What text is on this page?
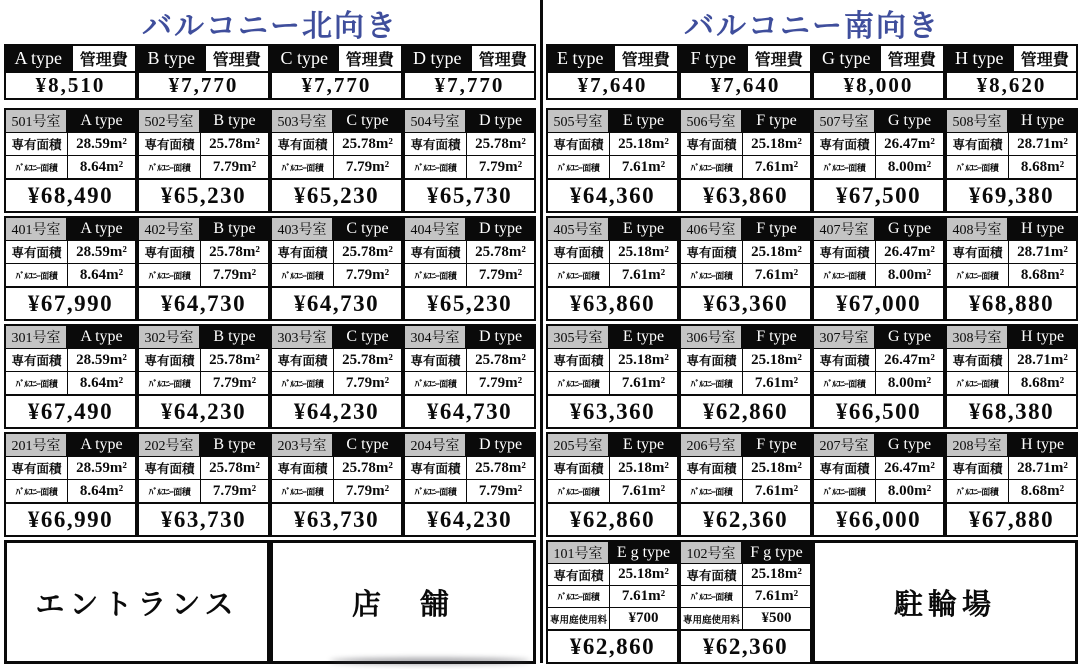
バルコニー北向き	バルコニー南向き
A type	管理費
¥8,510
B type	管理費
¥7,770
C type	管理費
¥7,770
D type	管理費
¥7,770
E type	管理費
¥7,640
F type	管理費
¥7,640
G type	管理費
¥8,000
H type	管理費
¥8,620
501号室	A type
専有面積 28.59m²
ﾊﾞﾙｺﾆｰ面積	8.64m²
¥68,490
502号室	B type
専有面積 25.78m²
ﾊﾞﾙｺﾆｰ面積	7.79m²
¥65,230
503号室	C type
専有面積 25.78m²
ﾊﾞﾙｺﾆｰ面積	7.79m²
¥65,230
504号室	D type
専有面積 25.78m²
ﾊﾞﾙｺﾆｰ面積	7.79m²
¥65,730
505号室	E type
専有面積 25.18m²
ﾊﾞﾙｺﾆｰ面積	7.61m²
¥64,360
506号室	F type
専有面積 25.18m²
ﾊﾞﾙｺﾆｰ面積	7.61m²
¥63,860
507号室	G type
専有面積 26.47m²
ﾊﾞﾙｺﾆｰ面積	8.00m²
¥67,500
508号室	H type
専有面積 28.71m²
ﾊﾞﾙｺﾆｰ面積	8.68m²
¥69,380
401号室	A type
専有面積 28.59m²
ﾊﾞﾙｺﾆｰ面積	8.64m²
¥67,990
402号室	B type
専有面積 25.78m²
ﾊﾞﾙｺﾆｰ面積	7.79m²
¥64,730
403号室	C type
専有面積 25.78m²
ﾊﾞﾙｺﾆｰ面積	7.79m²
¥64,730
404号室	D type
専有面積 25.78m²
ﾊﾞﾙｺﾆｰ面積	7.79m²
¥65,230
405号室	E type
専有面積 25.18m²
ﾊﾞﾙｺﾆｰ面積	7.61m²
¥63,860
406号室	F type
専有面積 25.18m²
ﾊﾞﾙｺﾆｰ面積	7.61m²
¥63,360
407号室	G type
専有面積 26.47m²
ﾊﾞﾙｺﾆｰ面積	8.00m²
¥67,000
408号室	H type
専有面積 28.71m²
ﾊﾞﾙｺﾆｰ面積	8.68m²
¥68,880
301号室	A type
専有面積 28.59m²
ﾊﾞﾙｺﾆｰ面積	8.64m²
¥67,490
302号室	B type
専有面積 25.78m²
ﾊﾞﾙｺﾆｰ面積	7.79m²
¥64,230
303号室	C type
専有面積 25.78m²
ﾊﾞﾙｺﾆｰ面積	7.79m²
¥64,230
304号室	D type
専有面積 25.78m²
ﾊﾞﾙｺﾆｰ面積	7.79m²
¥64,730
305号室	E type
専有面積 25.18m²
ﾊﾞﾙｺﾆｰ面積	7.61m²
¥63,360
306号室	F type
専有面積 25.18m²
ﾊﾞﾙｺﾆｰ面積	7.61m²
¥62,860
307号室	G type
専有面積 26.47m²
ﾊﾞﾙｺﾆｰ面積	8.00m²
¥66,500
308号室	H type
専有面積 28.71m²
ﾊﾞﾙｺﾆｰ面積	8.68m²
¥68,380
201号室	A type
専有面積 28.59m²
ﾊﾞﾙｺﾆｰ面積	8.64m²
¥66,990
202号室	B type
専有面積 25.78m²
ﾊﾞﾙｺﾆｰ面積	7.79m²
¥63,730
203号室	C type
専有面積 25.78m²
ﾊﾞﾙｺﾆｰ面積	7.79m²
¥63,730
204号室	D type
専有面積 25.78m²
ﾊﾞﾙｺﾆｰ面積	7.79m²
¥64,230
205号室	E type
専有面積 25.18m²
ﾊﾞﾙｺﾆｰ面積	7.61m²
¥62,860
206号室	F type
専有面積 25.18m²
ﾊﾞﾙｺﾆｰ面積	7.61m²
¥62,360
207号室	G type
専有面積 26.47m²
ﾊﾞﾙｺﾆｰ面積	8.00m²
¥66,000
208号室	H type
専有面積 28.71m²
ﾊﾞﾙｺﾆｰ面積	8.68m²
¥67,880
エントランス	店　舗
101号室 E g type
専有面積 25.18m²
ﾊﾞﾙｺﾆｰ面積	7.61m²
専用庭使用料	¥700
¥62,860
102号室 F g type
専有面積 25.18m²
ﾊﾞﾙｺﾆｰ面積	7.61m²
専用庭使用料	¥500
¥62,360
駐輪場
